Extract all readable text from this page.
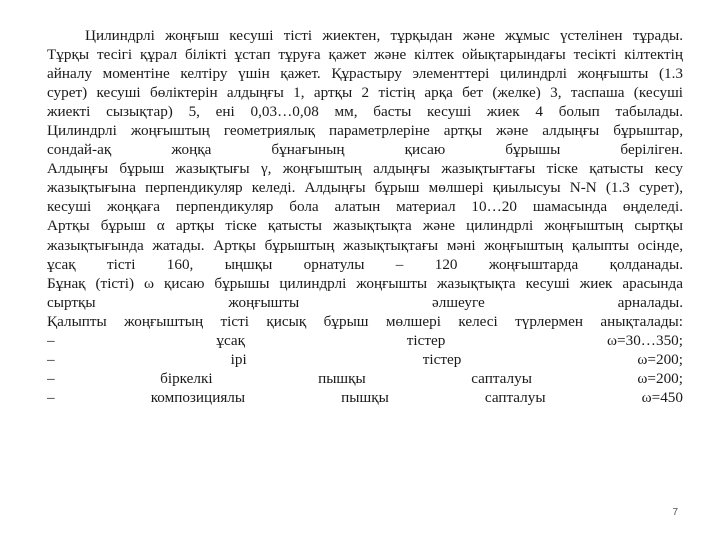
Цилиндрлі жоңғыш кесуші тісті жиектен, тұрқыдан және жұмыс үстелінен тұрады.
Тұрқы тесігі құрал білікті ұстап тұруға қажет және кілтек ойықтарындағы тесікті кілтектің
айналу моментіне келтіру үшін қажет. Құрастыру элементтері цилиндрлі жоңғышты (1.3
сурет) кесуші бөліктерін алдыңғы 1, артқы 2 тістің арқа бет (желке) 3, таспаша (кесуші
жиекті сызықтар) 5, ені 0,03…0,08 мм, басты кесуші жиек 4 болып табылады.
Цилиндрлі жоңғыштың геометриялық параметрлеріне артқы және алдыңғы бұрыштар,
сондай-ақ жоңқа бұнағының қисаю бұрышы беріліген.
Алдыңғы бұрыш жазықтығы γ, жоңғыштың алдыңғы жазықтығтағы тіске қатысты кесу
жазықтығына перпендикуляр келеді. Алдыңғы бұрыш мөлшері қиылысуы N-N (1.3 сурет),
кесуші жоңқаға перпендикуляр бола алатын материал 10…20 шамасында өңделеді.
Артқы бұрыш α артқы тіске қатысты жазықтықта және цилиндрлі жоңғыштың сыртқы
жазықтығында жатады. Артқы бұрыштың жазықтықтағы мәні жоңғыштың қалыпты осінде,
ұсақ тісті 160, ыңшқы орнатулы – 120 жоңғыштарда қолданады.
Бұнақ (тісті) ω қисаю бұрышы цилиндрлі жоңғышты жазықтықта кесуші жиек арасында
сыртқы жоңғышты әлшеуге арналады.
Қалыпты жоңғыштың тісті қисық бұрыш мөлшері келесі түрлермен анықталады:
– ұсақ тістер ω=30…350;
– ірі тістер ω=200;
– біркелкі пышқы сапталуы ω=200;
– композициялы пышқы сапталуы ω=450
7
